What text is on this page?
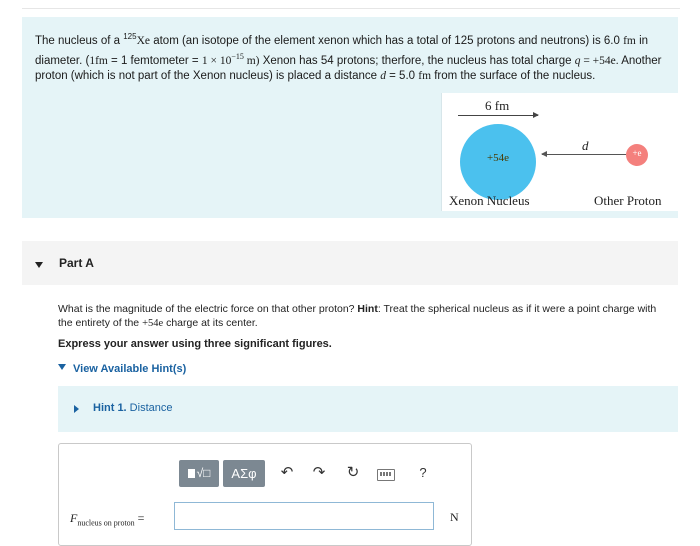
The nucleus of a $^{125}$Xe atom (an isotope of the element xenon which has a total of 125 protons and neutrons) is 6.0 fm in diameter. (1fm = 1 femtometer = $1 \times 10^{-15}$ m) Xenon has 54 protons; therfore, the nucleus has total charge q = +54e. Another proton (which is not part of the Xenon nucleus) is placed a distance d = 5.0 fm from the surface of the nucleus.

6 fm
+54e
d	+e
Xenon Nucleus	Other Proton
Part A

What is the magnitude of the electric force on that other proton? Hint: Treat the spherical nucleus as if it were a point charge with the entirety of the +54e charge at its center.

Express your answer using three significant figures.
View Available Hint(s)
Hint 1. Distance
√□	ΑΣφ	↶ ↷ ↻	?
$F_{nucleus on proton}$ =	N
